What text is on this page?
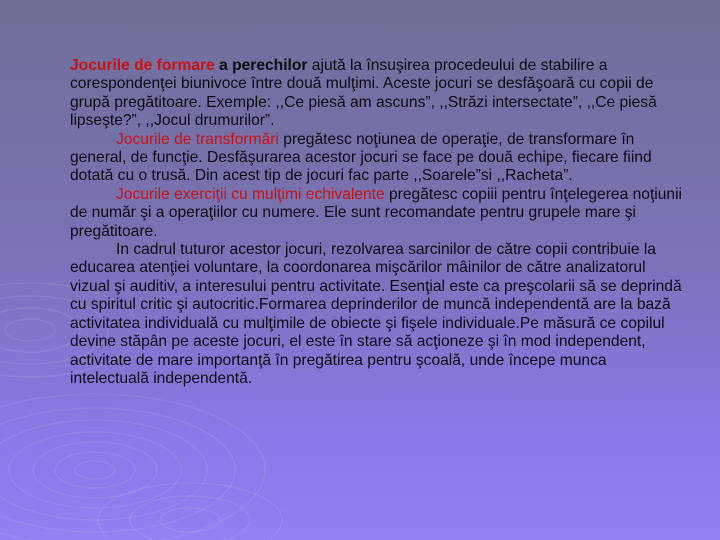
Jocurile de formare a perechilor ajută la însuşirea procedeului de stabilire a corespondenţei biunivoce între două mulţimi. Aceste jocuri se desfăşoară cu copii de grupă pregătitoare. Exemple: ,,Ce piesă am ascuns”, ,,Străzi intersectate”, ,,Ce piesă lipseşte?”, ,,Jocul drumurilor”.

Jocurile de transformări pregătesc noţiunea de operaţie, de transformare în general, de funcţie. Desfăşurarea acestor jocuri se face pe două echipe, fiecare fiind dotată cu o trusă. Din acest tip de jocuri fac parte ,,Soarele”si ,,Racheta”.

Jocurile exerciţii cu mulţimi echivalente pregătesc copiii pentru înţelegerea noţiunii de număr şi a operaţiilor cu numere. Ele sunt recomandate pentru grupele mare şi pregătitoare.

In cadrul tuturor acestor jocuri, rezolvarea sarcinilor de către copii contribuie la educarea atenţiei voluntare, la coordonarea mişcărilor mâinilor de către analizatorul vizual şi auditiv, a interesului pentru activitate. Esenţial este ca preşcolarii să se deprindă cu spiritul critic şi autocritic.Formarea deprinderilor de muncă independentă are la bază activitatea individuală cu mulţimile de obiecte şi fişele individuale.Pe măsură ce copilul devine stăpân pe aceste jocuri, el este în stare să acţioneze şi în mod independent, activitate de mare importanţă în pregătirea pentru şcoală, unde începe munca intelectuală independentă.
